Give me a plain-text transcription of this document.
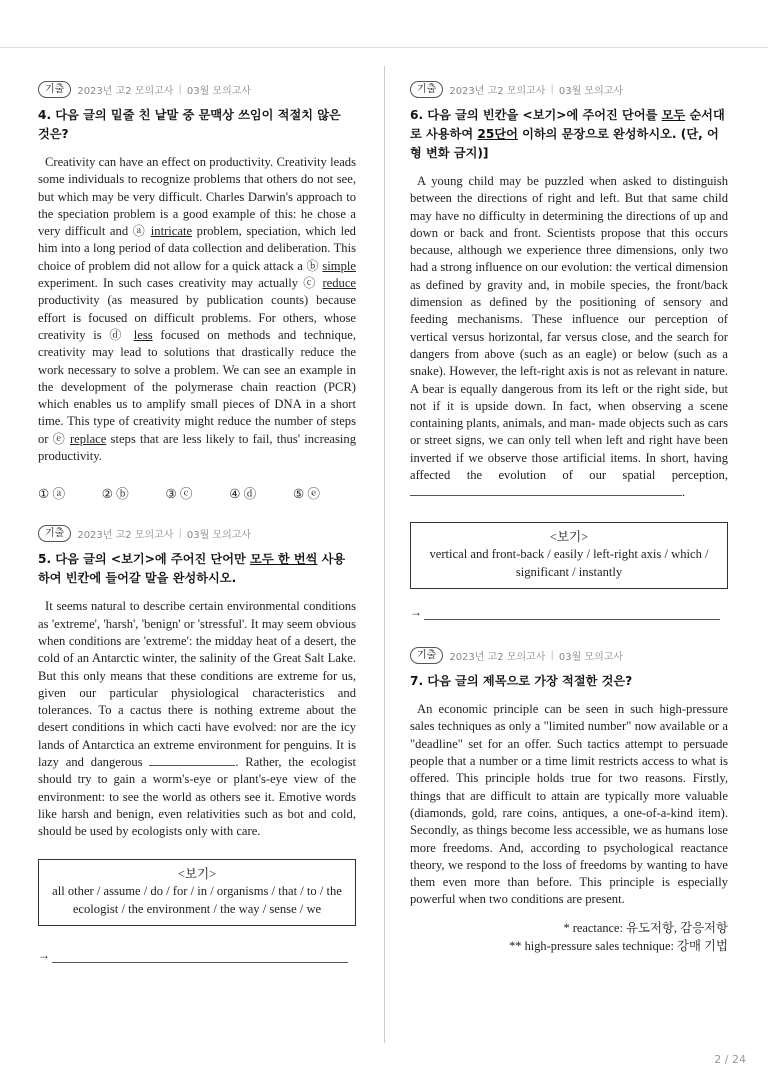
기출	2023년 고2 모의고사 | 03월 모의고사
4. 다음 글의 밑줄 친 낱말 중 문맥상 쓰임이 적절치 않은 것은?

Creativity can have an effect on productivity. Creativity leads some individuals to recognize problems that others do not see, but which may be very difficult. Charles Darwin's approach to the speciation problem is a good example of this: he chose a very difficult and ⓐ intricate problem, speciation, which led him into a long period of data collection and deliberation. This choice of problem did not allow for a quick attack a ⓑ simple experiment. In such cases creativity may actually ⓒ reduce productivity (as measured by publication counts) because effort is focused on difficult problems. For others, whose creativity is ⓓ less focused on methods and technique, creativity may lead to solutions that drastically reduce the work necessary to solve a problem. We can see an example in the development of the polymerase chain reaction (PCR) which enables us to amplify small pieces of DNA in a short time. This type of creativity might reduce the number of steps or ⓔ replace steps that are less likely to fail, thus' increasing productivity.

① ⓐ	② ⓑ	③ ⓒ	④ ⓓ	⑤ ⓔ
기출	2023년 고2 모의고사 | 03월 모의고사
5. 다음 글의 <보기>에 주어진 단어만 모두 한 번씩 사용하여 빈칸에 들어갈 말을 완성하시오.

It seems natural to describe certain environmental conditions as 'extreme', 'harsh', 'benign' or 'stressful'. It may seem obvious when conditions are 'extreme': the midday heat of a desert, the cold of an Antarctic winter, the salinity of the Great Salt Lake. But this only means that these conditions are extreme for us, given our particular physiological characteristics and tolerances. To a cactus there is nothing extreme about the desert conditions in which cacti have evolved: nor are the icy lands of Antarctica an extreme environment for penguins. It is lazy and dangerous	. Rather, the ecologist should try to gain a worm's-eye or plant's-eye view of the environment: to see the world as others see it. Emotive words like harsh and benign, even relativities such as bot and cold, should be used by ecologists only with care.

<보기>
all other / assume / do / for / in / organisms / that / to / the ecologist / the environment / the way / sense / we
→
기출	2023년 고2 모의고사 | 03월 모의고사
6. 다음 글의 빈칸을 <보기>에 주어진 단어를 모두 순서대로 사용하여 25단어 이하의 문장으로 완성하시오. (단, 어형 변화 금지)]

A young child may be puzzled when asked to distinguish between the directions of right and left. But that same child may have no difficulty in determining the directions of up and down or back and front. Scientists propose that this occurs because, although we experience three dimensions, only two had a strong influence on our evolution: the vertical dimension as defined by gravity and, in mobile species, the front/back dimension as defined by the positioning of sensory and feeding mechanisms. These influence our perception of vertical versus horizontal, far versus close, and the search for dangers from above (such as an eagle) or below (such as a snake). However, the left-right axis is not as relevant in nature. A bear is equally dangerous from its left or the right side, but not if it is upside down. In fact, when observing a scene containing plants, animals, and man- made objects such as cars or street signs, we can only tell when left and right have been inverted if we observe those artificial items. In short, having affected the evolution of our spatial perception, .

<보기>
vertical and front-back / easily / left-right axis / which / significant / instantly
→
기출	2023년 고2 모의고사 | 03월 모의고사
7. 다음 글의 제목으로 가장 적절한 것은?

An economic principle can be seen in such high-pressure sales techniques as only a "limited number" now available or a "deadline" set for an offer. Such tactics attempt to persuade people that a number or a time limit restricts access to what is offered. This principle holds true for two reasons. Firstly, things that are difficult to attain are typically more valuable (diamonds, gold, rare coins, antiques, a one-of-a-kind item). Secondly, as things become less accessible, we as humans lose more freedoms. And, according to psychological reactance theory, we respond to the loss of freedoms by wanting to have them even more than before. This principle is especially powerful when two conditions are present.

* reactance: 유도저항, 감응저항
** high-pressure sales technique: 강매 기법
2 / 24
